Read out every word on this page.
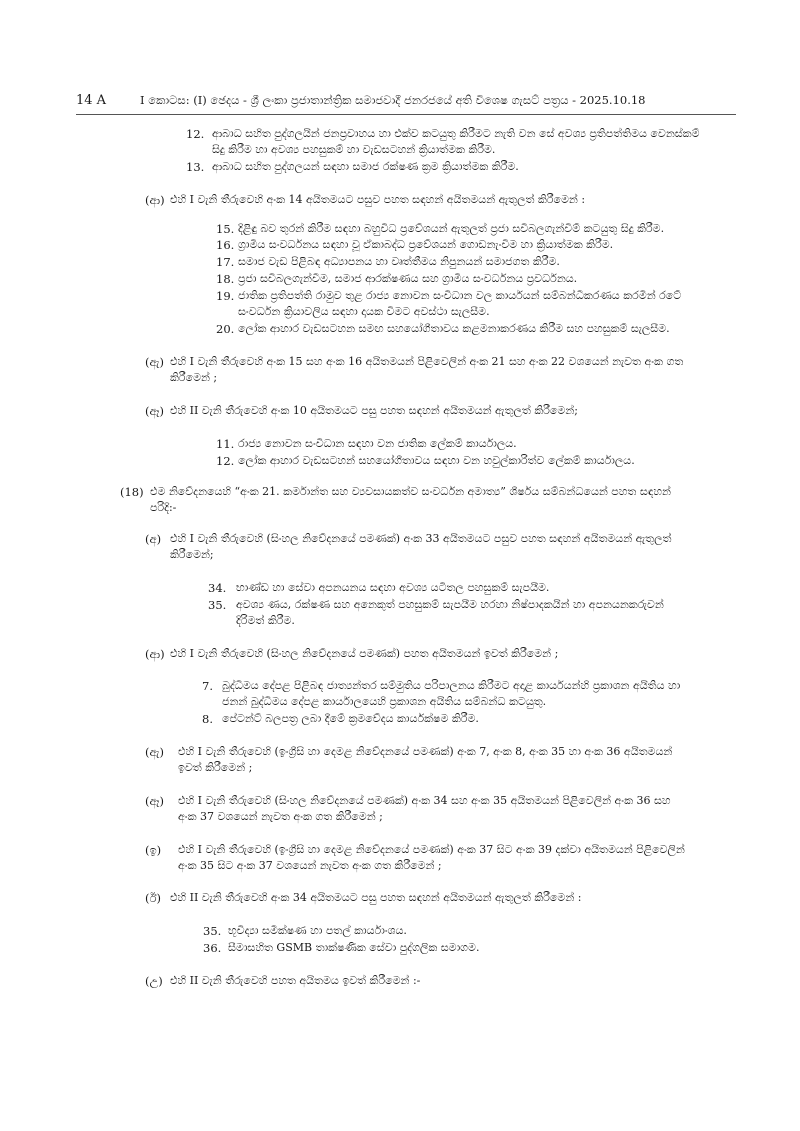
14 A	I කොටස: (I) ඡෙදය - ශ්‍රී ලංකා ප්‍රජාතාන්ත්‍රික සමාජවාදී ජනරජයේ අති විශෙෂ ගැසට් පත්‍රය - 2025.10.18
12. ආබාධ සහිත පුද්ගලයින් ජනප්‍රවාහය හා එක්ව කටයුතු කිරීමට නැති වන සේ අවශ්‍ය ප්‍රතිපත්තිමය වෙනස්කම්
සිදු කිරීම හා අවශ්‍ය පහසුකම් හා වැඩසටහන් ක්‍රියාත්මක කිරීම.
13. ආබාධ සහිත පුද්ගලයන් සඳහා සමාජ රක්ෂණ ක්‍රම ක්‍රියාත්මක කිරීම.
(ආ) එහි I වැනි තීරුවෙහි අංක 14 අයිතමයට පසුව පහත සඳහන් අයිතමයන් ඇතුලත් කිරීමෙන් :
15. දිළිඳු බව තුරන් කිරීම සඳහා බහුවිධ ප්‍රවේශයන් ඇතුලත් ප්‍රජා සවිබලගැන්වීම් කටයුතු සිදු කිරීම.
16. ග්‍රාමීය සංවර්ධනය සඳහා වූ ඒකාබද්ධ ප්‍රවේශයන් ගොඩනැංවීම හා ක්‍රියාත්මක කිරීම.
17. සමාජ වැඩ පිළිබඳ අධ්‍යාපනය හා වෘත්තීමය නිපුනයන් සමාජගත කිරීම.
18. ප්‍රජා සවිබලගැන්වීම, සමාජ ආරක්ෂණය සහ ග්‍රාමීය සංවර්ධනය ප්‍රවර්ධනය.
19. ජාතික ප්‍රතිපත්ති රාමුව තුළ රාජ්‍ය නොවන සංවිධාන වල කාර්යයන් සම්බන්ධීකරණය කරමින් රටේ
සංවර්ධන ක්‍රියාවලිය සඳහා දායක වීමට අවස්ථා සැලසීම.
20. ලෝක ආහාර වැඩසටහන සමඟ සහයෝගීතාවය කළමනාකරණය කිරීම සහ පහසුකම් සැලසීම.
(ඇ) එහි I වැනි තීරුවෙහි අංක 15 සහ අංක 16 අයිතමයන් පිළිවෙලින් අංක 21 සහ අංක 22 වශයෙන් නැවත අංක ගත
කිරීමෙන් ;
(ඈ) එහි II වැනි තීරුවෙහි අංක 10 අයිතමයට පසු පහත සඳහන් අයිතමයන් ඇතුලත් කිරීමෙන්;
11. රාජ්‍ය නොවන සංවිධාන සඳහා වන ජාතික ලේකම් කාර්යාලය.
12. ලෝක ආහාර වැඩසටහන් සහයෝගීතාවය සඳහා වන හවුල්කාරිත්ව ලේකම් කාර්යාලය.
(18) එම නිවේදනයෙහි “අංක 21. කර්මාන්ත සහ ව්‍යවසායකත්ව සංවර්ධන අමාත්‍ය” ශීර්ෂය සම්බන්ධයෙන් පහත සඳහන්
පරිදි:-
(අ) එහි I වැනි තීරුවෙහි (සිංහල නිවේදනයේ පමණක්) අංක 33 අයිතමයට පසුව පහත සඳහන් අයිතමයන් ඇතුලත්
කිරීමෙන්;
34. භාණ්ඩ හා සේවා අපනයනය සඳහා අවශ්‍ය යටිතල පහසුකම් සැපයීම.
35. අවශ්‍ය ණය, රක්ෂණ සහ අනෙකුත් පහසුකම් සැපයීම හරහා නිෂ්පාදකයින් හා අපනයනකරුවන්
දිරිමත් කිරීම.
(ආ) එහි I වැනි තීරුවෙහි (සිංහල නිවේදනයේ පමණක්) පහත අයිතමයන් ඉවත් කිරීමෙන් ;
7. බුද්ධිමය දේපළ පිළිබඳ ජාත්‍යන්තර සම්මුතිය පරිපාලනය කිරීමට අදාළ කාර්යයන්හි ප්‍රකාශන අයිතිය හා
ජනන් බුද්ධිමය දේපළ කාර්යාලයෙහි ප්‍රකාශන අයිතිය සම්බන්ධ කටයුතු.
8. පේටන්ට් බලපත්‍ර ලබා දීමේ ක්‍රමවේදය කාර්යක්ෂම කිරීම.
(ඇ) එහි I වැනි තීරුවෙහි (ඉංග්‍රීසි හා දෙමළ නිවේදනයේ පමණක්) අංක 7, අංක 8, අංක 35 හා අංක 36 අයිතමයන්
ඉවත් කිරීමෙන් ;
(ඈ) එහි I වැනි තීරුවෙහි (සිංහල නිවේදනයේ පමණක්) අංක 34 සහ අංක 35 අයිතමයන් පිළිවෙලින් අංක 36 සහ
අංක 37 වශයෙන් නැවත අංක ගත කිරීමෙන් ;
(ඉ) එහි I වැනි තීරුවෙහි (ඉංග්‍රීසි හා දෙමළ නිවේදනයේ පමණක්) අංක 37 සිට අංක 39 දක්වා අයිතමයන් පිළිවෙලින්
අංක 35 සිට අංක 37 වශයෙන් නැවත අංක ගත කිරීමෙන් ;
(ඊ) එහි II වැනි තීරුවෙහි අංක 34 අයිතමයට පසු පහත සඳහන් අයිතමයන් ඇතුලත් කිරීමෙන් :
35. භූවිද්‍යා සමීක්ෂණ හා පතල් කාර්යාංශය.
36. සීමාසහිත GSMB තාක්ෂණික සේවා පුද්ගලික සමාගම.
(උ) එහි II වැනි තීරුවෙහි පහත අයිතමය ඉවත් කිරීමෙන් :-
